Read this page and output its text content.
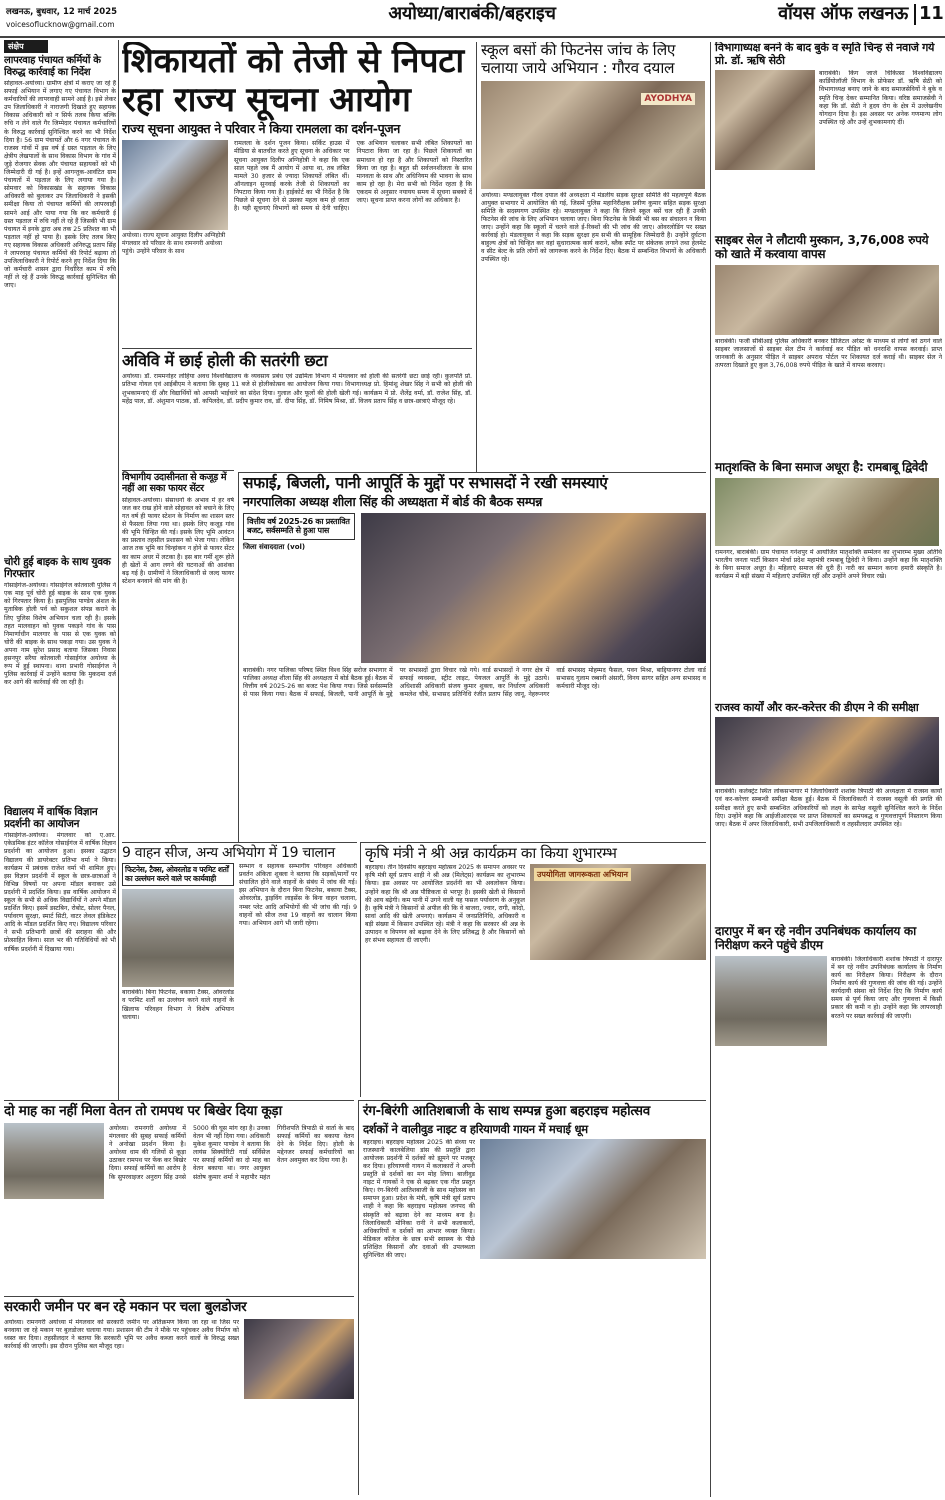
लखनऊ, बुधवार, 12 मार्च 2025
voicesoflucknow@gmail.com
अयोध्या/बाराबंकी/बहराइच	वॉयस ऑफ लखनऊ 11
संक्षेप
लापरवाह पंचायत कर्मियों के विरुद्ध कार्रवाई का निर्देश
सोहावल-अयोध्या। ग्रामीण क्षेत्रों में कराए जा रहे हैं सफाई अभियान में लगाए गए पंचायत विभाग के कर्मचारियों की लापरवाही सामने आई है। इसे लेकर उप जिलाधिकारी ने नाराजगी दिखाते हुए सहायक विकास अधिकारी को न सिर्फ तलब किया बल्कि रुचि न लेने वाले गैर जिम्मेदार पंचायत कर्मचारियों के विरुद्ध कार्रवाई सुनिश्चित करने का भी निर्देश दिया है। 56 ग्राम पंचायतें और 6 नगर पंचायत के राजस्व गांवों में इस वर्ष ई ग्रस्त पड़ताल के लिए क्षेत्रीय लेखपालों के साथ विकास विभाग के गांव में जुड़े रोजगार सेवक और पंचायत सहायकों को भी जिम्मेदारी दी गई है। इन्हें आगन्तुक-आवंटित ग्राम पंचायतों में पड़ताल के लिए लगाया गया है। सोमवार को विकासखंड के सहायक विकास अधिकारी को बुलाकर उप जिलाधिकारी ने इसकी समीक्षा किया तो पंचायत कर्मियों की लापरवाही सामने आई और पाया गया कि कर कर्मचारी ई ग्रस्त पड़ताल में रुचि नहीं ले रहे हैं जिसकी भी ग्राम पंचायत में इनके द्वारा अब तक 25 प्रतिशत का भी पड़ताल नहीं हो पाया है। इसके लिए तलब किए गए सहायक विकास अधिकारी अनिरुद्ध प्रताप सिंह ने लापरवाह पंचायत कर्मियों की रिपोर्ट बढ़ाया तो उपजिलाधिकारी ने रिपोर्ट करने हुए निर्देश दिया कि जो कर्मचारी शासन द्वारा निर्धारित काम में रुचि नहीं ले रहे हैं उनके विरुद्ध कार्रवाई सुनिश्चित की जाए।
चोरी हुई बाइक के साथ युवक गिरफ्तार
गोसाईगंज-अयोध्या। गोसाईगंज कोतवाली पुलिस ने एक माह पूर्व चोरी हुई बाइक के साथ एक युवक को गिरफ्तार किया है। इसपुलिस पाण्डेय अंशल के मुताबिक होली पर्व को सकुशल संपन्न कराने के लिए पुलिस विशेष अभियान चला रही है। इसके तहत मालवाहन को युवक पकड़ने गांव के पास निमार्णाधीन मालगार के पास से एक युवक को चोरी की बाइक के साथ पकड़ा गया। उस युवक ने अपना नाम सुरेश प्रसाद बताया जिसका निवास हसनपुर सरैया कोतवाली गोसाईगंज अयोध्या के रूप में हुई स्थापना। थाना प्रभारी गोसाईगंज ने पुलिस कार्रवाई में उन्होंने बताया कि मुकदमा दर्ज कर आगे की कार्रवाई की जा रही है।
विद्यालय में वार्षिक विज्ञान प्रदर्शनी का आयोजन
गोसाईगंज-अयोध्या। मंगलवार को ए.आर. एकेडमिक इंटर कॉलेज गोसाईगंज में वार्षिक विज्ञान प्रदर्शनी का आयोजन हुआ। इसका उद्घाटन विद्यालय की डायरेक्टर प्रतिभा वर्मा ने किया। कार्यक्रम में प्रबंधक राजेश वर्मा भी शामिल हुए। इस विज्ञान प्रदर्शनी में स्कूल के छात्र-छात्राओं ने विभिन्न विषयों पर अपना मॉडल बनाकर उसे प्रदर्शनी में प्रदर्शित किया। इस वार्षिक आयोजन में स्कूल के सभी से अधिक विद्यार्थियों ने अपने मॉडल प्रदर्शित किए। इसमें डस्टबिन, रोबोट, सोलर पैनल, पर्यावरण सुरक्षा, स्मार्ट सिटी, वाटर लेवल इंडिकेटर आदि के मॉडल प्रदर्शित किए गए। विद्यालय परिवार ने सभी प्रतिभागी छात्रों की सराहना की और प्रोत्साहित किया। साल भर की गतिविधियों को भी वार्षिक प्रदर्शनी में दिखाया गया।
शिकायतों को तेजी से निपटा
रहा राज्य सूचना आयोग
राज्य सूचना आयुक्त ने परिवार ने किया रामलला का दर्शन-पूजन
अयोध्या। राज्य सूचना आयुक्त दिलीप अग्निहोत्री मंगलवार को परिवार के साथ रामनगरी अयोध्या पहुंचे। उन्होंने परिवार के साथ
रामलला के दर्शन पूजन किया। सर्किट हाउस में मीडिया से बातचीत करते हुए सूचना के अधिकार पर सूचना आयुक्त दिलीप अग्निहोत्री ने कहा कि एक साल पहले जब मैं आयोग में आया था, तब लंबित मामले 30 हजार से ज्यादा शिकायतें लंबित थीं। ऑनलाइन सुनवाई करके तेजी से शिकायतों का निपटारा किया गया है। हाईकोर्ट का भी निर्देश है कि पिछले से सूचना देने से उसका महत्व कम हो जाता है। यही सूचनाएं विभागों को समय से देनी चाहिए। एक अभियान चलाकर सभी लंबित शिकायतों का निपटारा किया जा रहा है। पिछले शिकायतों का समाधान हो रहा है और शिकायतों को निस्तारित किया जा रहा है। बहुत सी सर्वजनशीलता के साथ मानवता के साथ और अधिनियम की भावना के साथ काम हो रहा है। मेरा सभी को निर्देश रहता है कि एकदम से अनुसार नयायय समय में सूचना सबको दें जाए। सूचना प्राप्त करना लोगों का अधिकार है।
अविवि में छाई होली की सतरंगी छटा
अयोध्या। डॉ. राममनोहर लोहिया अवध विश्वविद्यालय के व्यवसाय प्रबंध एवं उद्यमिता विभाग में मंगलवार को होली की सतरंगी छटा छाई रही। कुलपति प्रो. प्रतिभा गोयल एवं आईबीएम ने बताया कि सुबह 11 बजे से होलीकोत्सव का आयोजन किया गया। विभागाध्यक्ष प्रो. हिमांशु शेखर सिंह ने सभी को होली की शुभकामनाएं दीं और विद्यार्थियों को आपसी भाईचारे का संदेश दिया। गुलाल और फूलों की होली खेली गई। कार्यक्रम में प्रो. शैलेंद्र वर्मा, डॉ. राजेश सिंह, डॉ. महेंद्र पाल, डॉ. अंशुमान पाठक, डॉ. कपिलदेव, डॉ. प्रदीप कुमार राव, डॉ. दीपा सिंह, डॉ. निमिष मिश्रा, डॉ. विजय प्रताप सिंह व छात्र-छात्राएं मौजूद रहे।
स्कूल बसों की फिटनेस जांच के लिए
चलाया जाये अभियान : गौरव दयाल
AYODHYA
अयोध्या। मण्डलायुक्त गौरव दयाल की अध्यक्षता में मंडलीय सड़क सुरक्षा समिति की महत्वपूर्ण बैठक आयुक्त सभागार में आयोजित की गई, जिसमें पुलिस महानिरीक्षक प्रवीण कुमार सहित सड़क सुरक्षा समिति के सदस्यगण उपस्थित रहे। मण्डलायुक्त ने कहा कि जितने स्कूल बसें चल रही हैं उनकी फिटनेस की जांच के लिए अभियान चलाया जाए। बिना फिटनेस के किसी भी बस का संचालन न किया जाए। उन्होंने कहा कि स्कूलों में चलने वाले ई-रिक्शों की भी जांच की जाए। ओवरलोडिंग पर सख्त कार्रवाई हो। मंडलायुक्त ने कहा कि सड़क सुरक्षा हम सभी की सामूहिक जिम्मेदारी है। उन्होंने दुर्घटना बाहुल्य क्षेत्रों को चिन्हित कर वहां सुधारात्मक कार्य कराने, ब्लैक स्पॉट पर संकेतक लगाने तथा हेलमेट व सीट बेल्ट के प्रति लोगों को जागरूक करने के निर्देश दिए। बैठक में सम्बन्धित विभागों के अधिकारी उपस्थित रहे।
विभागीय उदासीनता से कजूड़ में नहीं आ सका फायर सेंटर
सोहावल-अयोध्या। संसाधनों के अभाव में हर वर्ष जल कर राख होने वाले सोहावल को बचाने के लिए गत वर्ष ही फायर स्टेशन के निर्माण का शासन स्तर से फैसला लिया गया था। इसके लिए कजूड़ गांव की भूमि चिन्हित की गई। इसके लिए भूमि आवंटन का प्रस्ताव तहसील प्रशासन को भेजा गया। लेकिन आज तक भूमि का चिन्हांकन न होने से फायर सेंटर का काम अधर में लटका है। इस बार गर्मी शुरू होते ही खेतों में आग लगने की घटनाओं की आशंका बढ़ गई है। ग्रामीणों ने जिलाधिकारी से जल्द फायर स्टेशन बनवाने की मांग की है।
सफाई, बिजली, पानी आपूर्ति के मुद्दों पर सभासदों ने रखी समस्याएं
नगरपालिका अध्यक्ष शीला सिंह की अध्यक्षता में बोर्ड की बैठक सम्पन्न
वित्तीय वर्ष 2025-26 का प्रस्तावित बजट, सर्वसम्मति से हुआ पास
जिला संवाददाता (vol)
बाराबंकी। नगर पालिका परिषद स्थित विश्व सिंह सरोज सभागार में पालिका अध्यक्ष शीला सिंह की अध्यक्षता में बोर्ड बैठक हुई। बैठक में वित्तीय वर्ष 2025-26 का बजट पेश किया गया। जिसे सर्वसम्मति से पास किया गया। बैठक में सफाई, बिजली, पानी आपूर्ति के मुद्दे पर सभासदों द्वारा विचार रखे गये। वार्ड सभासदों ने नगर क्षेत्र में सफाई व्यवस्था, स्ट्रीट लाइट, पेयजल आपूर्ति के मुद्दे उठाये। अधिशासी अधिकारी संजय कुमार शुक्ला, कर निर्धारण अधिकारी कमलेश चौबे, सभासद प्रतिनिधि रंजीत प्रताप सिंह जानू, नेहरूनगर वार्ड सभासद मोहम्मद फैसल, पवन मिश्रा, बाद्दियानगर टोला वार्ड सभासद गुलाम रब्बानी अंसारी, विनय सागर सहित अन्य सभासद व कर्मचारी मौजूद रहे।
9 वाहन सीज, अन्य अभियोग में 19 चालान
फिटनेस, टैक्स, ओवरलोड व परमिट शर्तों का उल्लंघन करने वाले पर कार्यवाही
बाराबंकी। बिना फिटनेस, बकाया टैक्स, ओवरलोड व परमिट शर्तों का उल्लंघन करने वाले वाहनों के खिलाफ परिवहन विभाग ने विशेष अभियान चलाया।
सम्भाग व सहायक सम्भागीय परिवहन अधिकारी प्रवर्तन अंकिता शुक्ला ने बताया कि सड़कों/मार्गों पर संचालित होने वाले वाहनों के संबंध में जांच की गई। इस अभियान के दौरान बिना फिटनेस, बकाया टैक्स, ओवरलोड, ड्राइविंग लाइसेंस के बिना वाहन चलाना, नम्बर प्लेट आदि अभियोगों की भी जांच की गई। 9 वाहनों को सीज तथा 19 वाहनों का चालान किया गया। अभियान आगे भी जारी रहेगा।
कृषि मंत्री ने श्री अन्न कार्यक्रम का किया शुभारम्भ
बहराइच। तीन दिवसीय बहराइच महोत्सव 2025 के समापन अवसर पर कृषि मंत्री सूर्य प्रताप शाही ने श्री अन्न (मिलेट्स) कार्यक्रम का शुभारम्भ किया। इस अवसर पर आयोजित प्रदर्शनी का भी अवलोकन किया। उन्होंने कहा कि श्री अन्न पौष्टिकता से भरपूर है। इसकी खेती से किसानों की आय बढ़ेगी। कम पानी में उगने वाली यह फसल पर्यावरण के अनुकूल है। कृषि मंत्री ने किसानों से अपील की कि वे बाजरा, ज्वार, रागी, कोदो, सावां आदि की खेती अपनाएं। कार्यक्रम में जनप्रतिनिधि, अधिकारी व बड़ी संख्या में किसान उपस्थित रहे। मंत्री ने कहा कि सरकार श्री अन्न के उत्पादन व विपणन को बढ़ावा देने के लिए प्रतिबद्ध है और किसानों को हर संभव सहायता दी जाएगी।
उपयोगिता जागरूकता अभियान
दो माह का नहीं मिला वेतन तो रामपथ पर बिखेर दिया कूड़ा
अयोध्या। रामनगरी अयोध्या में मंगलवार की सुबह सफाई कर्मियों ने अनोखा प्रदर्शन किया है। अयोध्या धाम की गलियों से कूड़ा उठाकर रामपथ पर फेंक कर बिखेर दिया। सफाई कर्मियों का आरोप है कि सुपरवाइजर अनुराग सिंह उनसे 5000 की घूस मांग रहा है। उनका वेतन भी नहीं दिया गया। अधिकारी मुकेश कुमार पाण्डेय ने बताया कि लायंस सिक्योरिटी गार्ड सर्विसेज पर सफाई कर्मियों का दो माह का वेतन बकाया था। नगर आयुक्त संतोष कुमार शर्मा ने महापौर महंत गिरीशपति त्रिपाठी से वार्ता के बाद सफाई कर्मियों का बकाया वेतन देने के निर्देश दिए। होली के मद्देनजर सफाई कर्मचारियों का वेतन अवमुक्त कर दिया गया है।
सरकारी जमीन पर बन रहे मकान पर चला बुलडोजर
अयोध्या। रामनगरी अयोध्या में मंगलवार को सरकारी जमीन पर अतिक्रमण किया जा रहा था जिस पर बनवाया जा रहे मकान पर बुलडोजर चलाया गया। प्रशासन की टीम ने मौके पर पहुंचकर अवैध निर्माण को ध्वस्त कर दिया। तहसीलदार ने बताया कि सरकारी भूमि पर अवैध कब्जा करने वालों के विरुद्ध सख्त कार्रवाई की जाएगी। इस दौरान पुलिस बल मौजूद रहा।
रंग-बिरंगी आतिशबाजी के साथ सम्पन्न हुआ बहराइच महोत्सव
दर्शकों ने वालीवुड नाइट व हरियाणवी गायन में मचाई धूम
बहराइच। बहराइच महोत्सव 2025 की संध्या पर राजस्थानी कालबेलिया डांस की प्रस्तुति द्वारा आयोजक प्रदर्शनी में दर्शकों को झूमने पर मजबूर कर दिया। हरियाणवी गायन में कलाकारों ने अपनी प्रस्तुति से दर्शकों का मन मोह लिया। बालीवुड नाइट में गायकों ने एक से बढ़कर एक गीत प्रस्तुत किए। रंग-बिरंगी आतिशबाजी के साथ महोत्सव का समापन हुआ। प्रदेश के मंत्री, कृषि मंत्री सूर्य प्रताप शाही ने कहा कि बहराइच महोत्सव जनपद की संस्कृति को बढ़ावा देने का माध्यम बना है। जिलाधिकारी मोनिका रानी ने सभी कलाकारों, अधिकारियों व दर्शकों का आभार व्यक्त किया। मेडिकल कॉलेज के छात्र सभी स्वास्थ्य के पीछे प्रशिक्षित किसानों और दवाओं की उपलब्धता सुनिश्चित की जाए।
विभागाध्यक्ष बनने के बाद बुके व स्मृति चिन्ह से नवाजे गये प्रो. डॉ. ऋषि सेठी
बाराबंकी। किंग जार्ज चिकित्सा विश्वविद्यालय कार्डियोलॉजी विभाग के प्रोफेसर डॉ. ऋषि सेठी को विभागाध्यक्ष बनाए जाने के बाद समाजसेवियों ने बुके व स्मृति चिन्ह देकर सम्मानित किया। वरिष्ठ समाजसेवी ने कहा कि डॉ. सेठी ने हृदय रोग के क्षेत्र में उल्लेखनीय योगदान दिया है। इस अवसर पर अनेक गणमान्य लोग उपस्थित रहे और उन्हें शुभकामनाएं दीं।
साइबर सेल ने लौटायी मुस्कान, 3,76,008 रुपये को खाते में करवाया वापस
बाराबंकी। फर्जी सीबीआई पुलिस अधिकारी बनकर डिजिटल अरेस्ट के माध्यम से लोगों को ठगने वाले साइबर जालसाजों से साइबर सेल टीम ने कार्रवाई कर पीड़ित को धनराशि वापस करवाई। प्राप्त जानकारी के अनुसार पीड़ित ने साइबर अपराध पोर्टल पर शिकायत दर्ज कराई थी। साइबर सेल ने तत्परता दिखाते हुए कुल 3,76,008 रुपये पीड़ित के खाते में वापस करवाए।
मातृशक्ति के बिना समाज अधूरा है: रामबाबू द्विवेदी
रामनगर, बाराबंकी। ग्राम पंचायत गनेशपुर में आयोजित मातृशक्ति सम्मेलन का शुभारम्भ मुख्य अतिथि भारतीय जनता पार्टी किसान मोर्चा प्रदेश महामंत्री रामबाबू द्विवेदी ने किया। उन्होंने कहा कि मातृशक्ति के बिना समाज अधूरा है। महिलाएं समाज की धुरी हैं। नारी का सम्मान करना हमारी संस्कृति है। कार्यक्रम में बड़ी संख्या में महिलाएं उपस्थित रहीं और उन्होंने अपने विचार रखे।
राजस्व कार्यों और कर-करेत्तर की डीएम ने की समीक्षा
बाराबंकी। कलेक्ट्रेट स्थित लोकसभागार में जिलाधिकारी शशांक त्रिपाठी की अध्यक्षता में राजस्व कार्यों एवं कर-करेत्तर सम्बन्धी समीक्षा बैठक हुई। बैठक में जिलाधिकारी ने राजस्व वसूली की प्रगति की समीक्षा करते हुए सभी सम्बन्धित अधिकारियों को लक्ष्य के सापेक्ष वसूली सुनिश्चित करने के निर्देश दिए। उन्होंने कहा कि आईजीआरएस पर प्राप्त शिकायतों का समयबद्ध व गुणवत्तापूर्ण निस्तारण किया जाए। बैठक में अपर जिलाधिकारी, सभी उपजिलाधिकारी व तहसीलदार उपस्थित रहे।
दारापुर में बन रहे नवीन उपनिबंधक कार्यालय का निरीक्षण करने पहुंचे डीएम
बाराबंकी। जिलाधिकारी शशांक त्रिपाठी ने दारापुर में बन रहे नवीन उपनिबंधक कार्यालय के निर्माण कार्य का निरीक्षण किया। निरीक्षण के दौरान निर्माण कार्य की गुणवत्ता की जांच की गई। उन्होंने कार्यदायी संस्था को निर्देश दिए कि निर्माण कार्य समय से पूर्ण किया जाए और गुणवत्ता में किसी प्रकार की कमी न हो। उन्होंने कहा कि लापरवाही बरतने पर सख्त कार्रवाई की जाएगी।
